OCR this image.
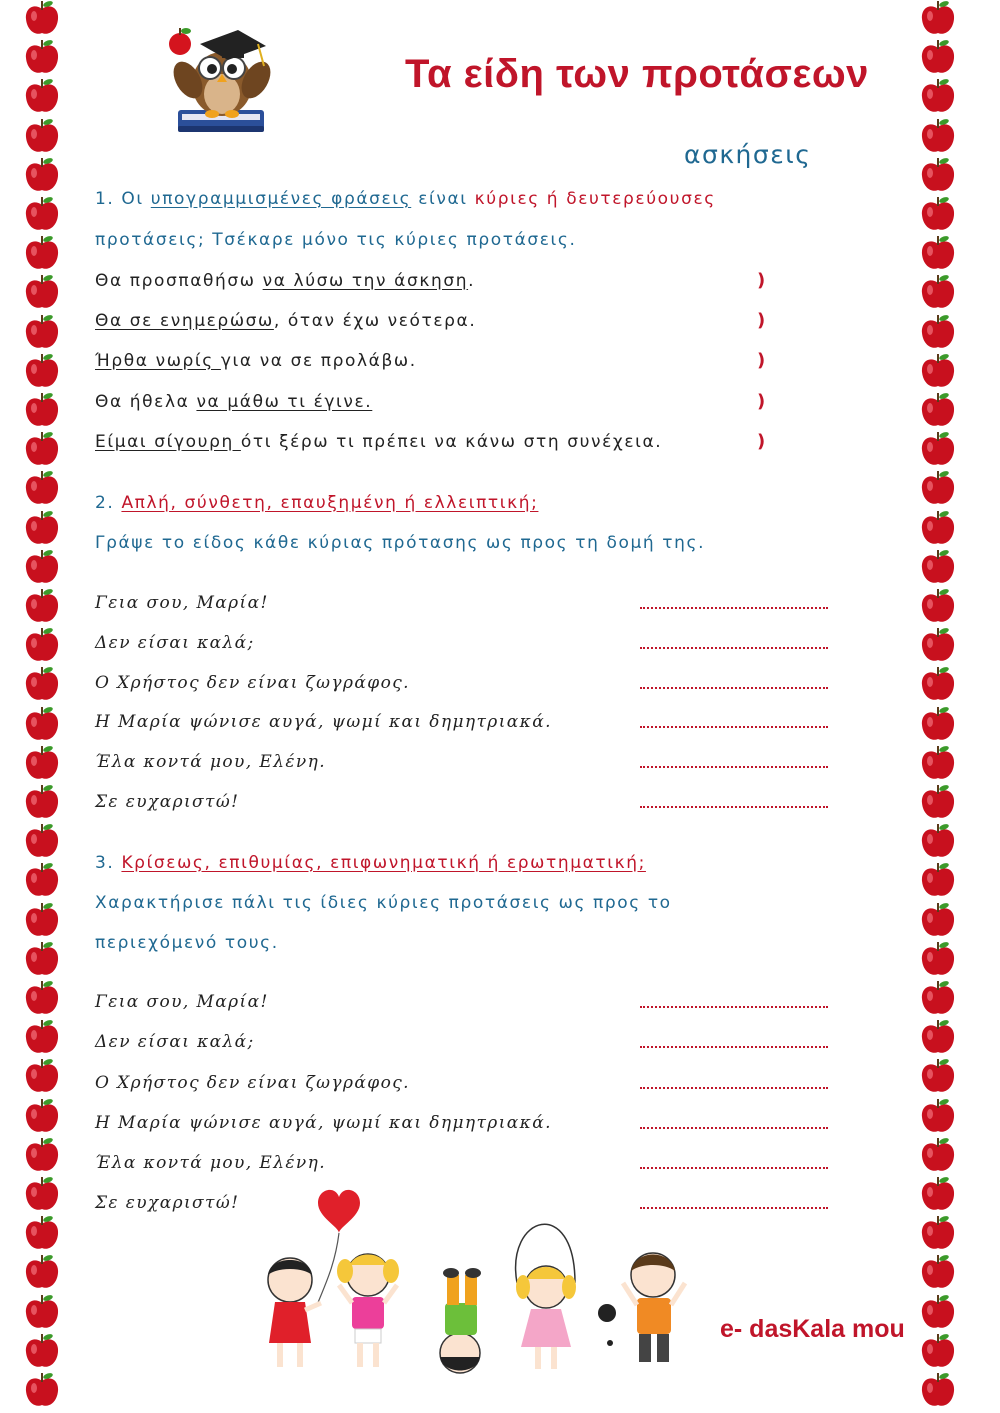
Τα είδη των προτάσεων
ασκήσεις
1. Οι υπογραμμισμένες φράσεις είναι κύριες ή δευτερεύουσες
προτάσεις; Τσέκαρε μόνο τις κύριες προτάσεις.
Θα προσπαθήσω να λύσω την άσκηση.	)
Θα σε ενημερώσω, όταν έχω νεότερα.	)
Ήρθα νωρίς για να σε προλάβω.	)
Θα ήθελα να μάθω τι έγινε.	)
Είμαι σίγουρη ότι ξέρω τι πρέπει να κάνω στη συνέχεια.	)
2. Απλή, σύνθετη, επαυξημένη ή ελλειπτική;
Γράψε το είδος κάθε κύριας πρότασης ως προς τη δομή της.
Γεια σου, Μαρία!
Δεν είσαι καλά;
Ο Χρήστος δεν είναι ζωγράφος.
Η Μαρία ψώνισε αυγά, ψωμί και δημητριακά.
Έλα κοντά μου, Ελένη.
Σε ευχαριστώ!
3. Κρίσεως, επιθυμίας, επιφωνηματική ή ερωτηματική;
Χαρακτήρισε πάλι τις ίδιες κύριες προτάσεις ως προς το
περιεχόμενό τους.
Γεια σου, Μαρία!
Δεν είσαι καλά;
Ο Χρήστος δεν είναι ζωγράφος.
Η Μαρία ψώνισε αυγά, ψωμί και δημητριακά.
Έλα κοντά μου, Ελένη.
Σε ευχαριστώ!
e- dasKala mou
